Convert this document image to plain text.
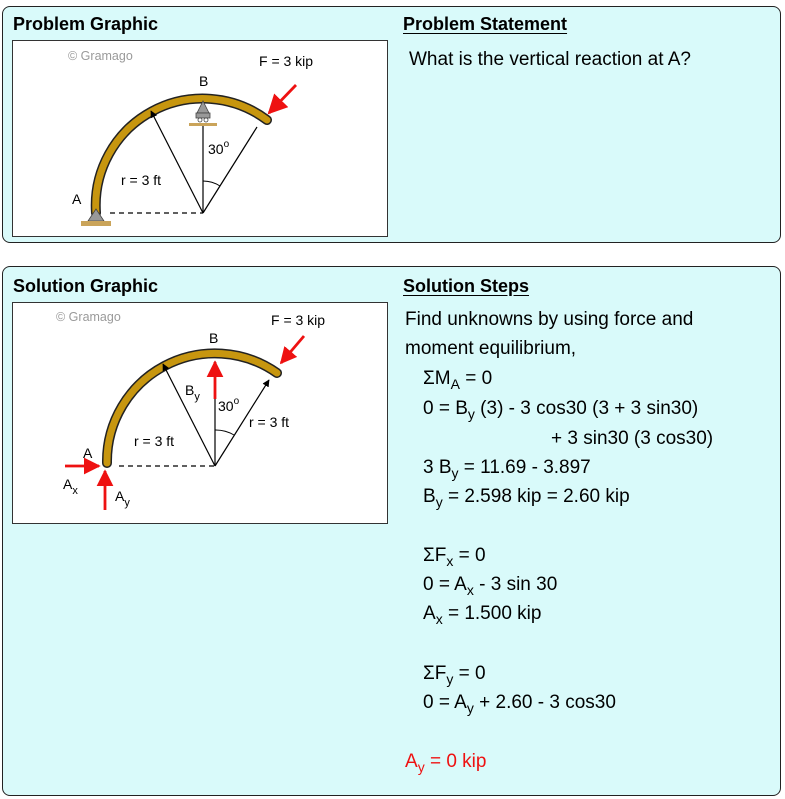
Problem Graphic	Problem Statement
What is the vertical reaction at A?
© Gramago	F = 3 kip
B
A
r = 3 ft
30$^o$
Solution Graphic	Solution Steps
© Gramago	F = 3 kip
B
$B_y$
30$^o$
r = 3 ft
r = 3 ft
A
$A_x$	$A_y$
Find unknowns by using force and
moment equilibrium,
$\Sigma M_A = 0$
$0 = B_y$ (3) - 3 cos30 (3 + 3 sin30)
+ 3 sin30 (3 cos30)
3 $B_y = 11.69 - 3.897$
$B_y = 2.598$ kip = 2.60 kip
$\Sigma F_x = 0$
$0 = A_x - 3$ sin 30
$A_x = 1.500$ kip
$\Sigma F_y = 0$
$0 = A_y + 2.60 - 3$ cos30
$A_y = 0$ kip
